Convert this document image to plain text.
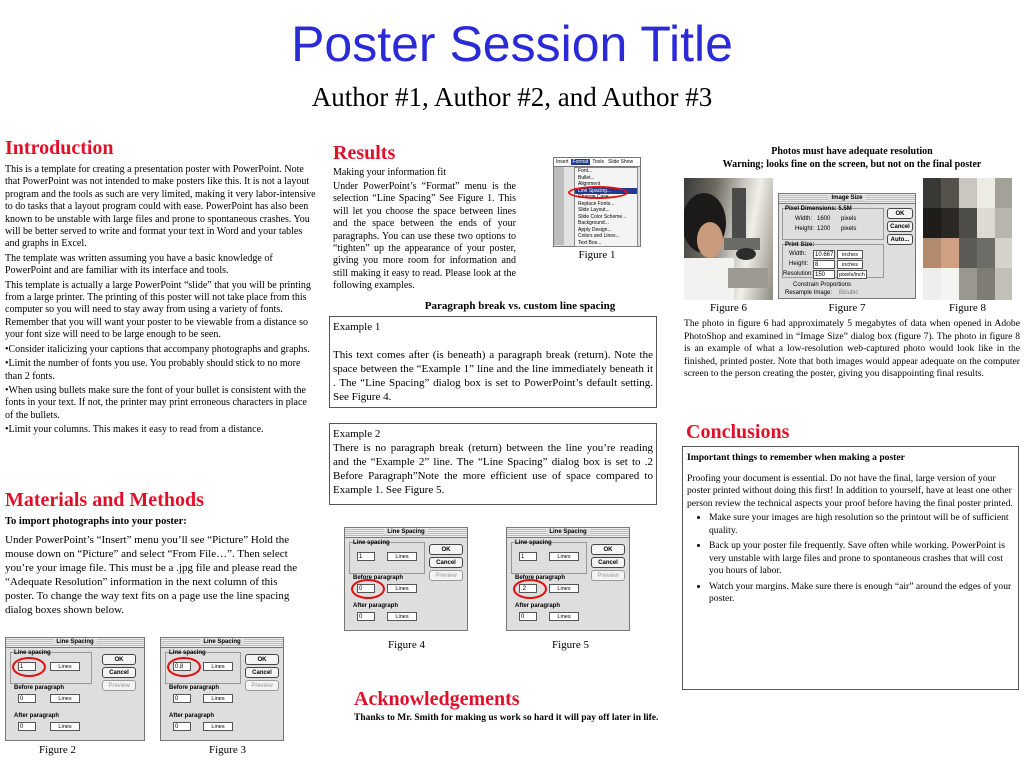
Poster Session Title
Author #1, Author #2, and Author #3
Introduction

This is a template for creating a presentation poster with PowerPoint. Note that PowerPoint was not intended to make posters like this. It is not a layout program and the tools as such are very limited, making it very labor-intensive to do tasks that a layout program could with ease. PowerPoint has also been known to be unstable with large files and prone to spontaneous crashes. You will be better served to write and format your text in Word and your tables and graphs in Excel.

The template was written assuming you have a basic knowledge of PowerPoint and are familiar with its interface and tools.

This template is actually a large PowerPoint “slide” that you will be printing from a large printer. The printing of this poster will not take place from this computer so you will need to stay away from using a variety of fonts. Remember that you will want your poster to be viewable from a distance so your font size will need to be large enough to be seen.

•Consider italicizing your captions that accompany photographs and graphs.

•Limit the number of fonts you use. You probably should stick to no more than 2 fonts.

•When using bullets make sure the font of your bullet is consistent with the fonts in your text. If not, the printer may print erroneous characters in place of the bullets.

•Limit your columns. This makes it easy to read from a distance.

Materials and Methods
To import photographs into your poster:
Under PowerPoint’s “Insert” menu you’ll see “Picture” Hold the mouse down on “Picture” and select “From File…”. Then select you’re your image file. This must be a .jpg file and please read the “Adequate Resolution” information in the next column of this poster. To change the way text fits on a page use the line spacing dialog boxes shown below.
Line Spacing
Line spacing
1	Lines
Before paragraph
0	Lines
After paragraph
0	Lines
OK
Cancel
Preview
Figure 2
Line Spacing
Line spacing
0.8	Lines
Before paragraph
0	Lines
After paragraph
0	Lines
OK
Cancel
Preview
Figure 3
Results
Making your information fit
Under PowerPoint’s “Format” menu is the selection “Line Spacing” See Figure 1. This will let you choose the space between lines and the space between the ends of your paragraphs. You can use these two options to “tighten” up the appearance of your poster, giving you more room for information and still making it easy to read. Please look at the following examples.
Insert Format Tools Slide Show
Font...
Bullet...
Alignment
Line Spacing...
Change Case...
Replace Fonts...
Slide Layout...
Slide Color Scheme...
Background...
Apply Design...
Colors and Lines...
Text Box...
Figure 1
Paragraph break vs. custom line spacing
Example 1
This text comes after (is beneath) a paragraph break (return). Note the space between the “Example 1” line and the line immediately beneath it . The “Line Spacing” dialog box is set to PowerPoint’s default setting. See Figure 4.
Example 2
There is no paragraph break (return) between the line you’re reading and the “Example 2” line. The “Line Spacing” dialog box is set to .2 Before Paragraph”Note the more efficient use of space compared to Example 1. See Figure 5.
Line Spacing
Line spacing
1	Lines
Before paragraph
0	Lines
After paragraph
0	Lines
OK
Cancel
Preview
Figure 4
Line Spacing
Line spacing
1	Lines
Before paragraph
.2	Lines
After paragraph
0	Lines
OK
Cancel
Preview
Figure 5
Acknowledgements
Thanks to Mr. Smith for making us work so hard it will pay off later in life.
Photos must have adequate resolution
Warning; looks fine on the screen, but not on the final poster
Figure 6
Image Size
Pixel Dimensions: 5.5M
Width: 1600 pixels
Height: 1200 pixels
Print Size:
Width:	10.667	inches
Height:	8	inches
Resolution: 150	pixels/inch
Constrain Proportions
Resample Image: Bicubic
OK
Cancel
Auto...
Figure 7	Figure 8
The photo in figure 6 had approximately 5 megabytes of data when opened in Adobe PhotoShop and examined in “Image Size” dialog box (figure 7). The photo in figure 8 is an example of what a low-resolution web-captured photo would look like in the finished, printed poster. Note that both images would appear adequate on the computer screen to the person creating the poster, giving you disappointing final results.
Conclusions
Important things to remember when making a poster
Proofing your document is essential. Do not have the final, large version of your poster printed without doing this first! In addition to yourself, have at least one other person review the technical aspects your proof before having the final poster printed.
• Make sure your images are high resolution so the printout will be of sufficient quality.
• Back up your poster file frequently. Save often while working. PowerPoint is very unstable with large files and prone to spontaneous crashes that will cost you hours of labor.
• Watch your margins. Make sure there is enough “air” around the edges of your poster.
